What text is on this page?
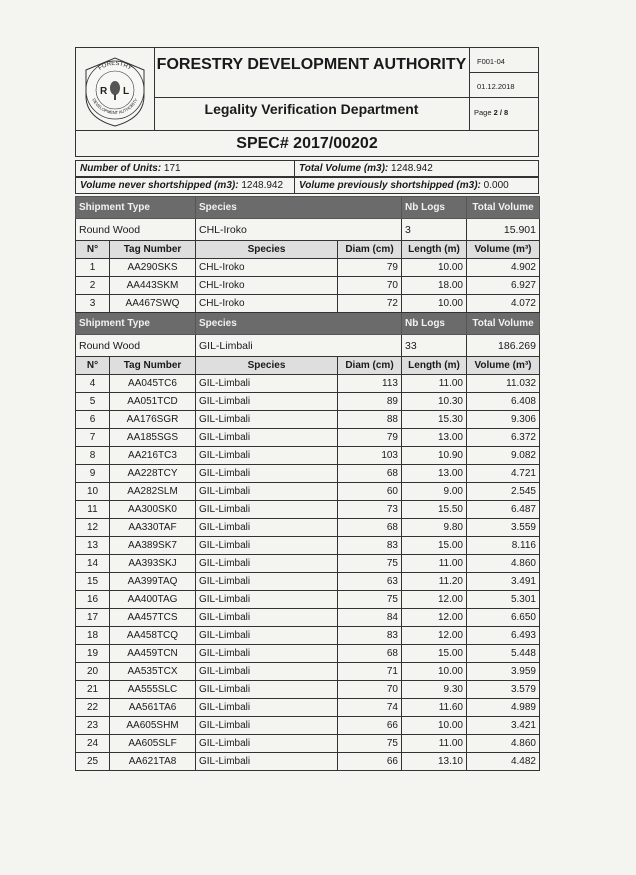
FORESTRY
DEVELOPMENT AUTHORITY
R L
FORESTRY DEVELOPMENT AUTHORITY
Legality Verification Department
F001-04
01.12.2018
Page 2 / 8
SPEC# 2017/00202
Number of Units: 171	Total Volume (m3): 1248.942
Volume never shortshipped (m3): 1248.942	Volume previously shortshipped (m3): 0.000
Shipment Type		Species		Nb Logs	Total Volume
Round Wood		CHL-Iroko		3	15.901
N°	Tag Number	Species	Diam (cm)	Length (m)	Volume (m³)
1	AA290SKS	CHL-Iroko	79	10.00	4.902
2	AA443SKM	CHL-Iroko	70	18.00	6.927
3	AA467SWQ	CHL-Iroko	72	10.00	4.072
Shipment Type		Species		Nb Logs	Total Volume
Round Wood		GIL-Limbali		33	186.269
N°	Tag Number	Species	Diam (cm)	Length (m)	Volume (m³)
4	AA045TC6	GIL-Limbali	113	11.00	11.032
5	AA051TCD	GIL-Limbali	89	10.30	6.408
6	AA176SGR	GIL-Limbali	88	15.30	9.306
7	AA185SGS	GIL-Limbali	79	13.00	6.372
8	AA216TC3	GIL-Limbali	103	10.90	9.082
9	AA228TCY	GIL-Limbali	68	13.00	4.721
10	AA282SLM	GIL-Limbali	60	9.00	2.545
11	AA300SK0	GIL-Limbali	73	15.50	6.487
12	AA330TAF	GIL-Limbali	68	9.80	3.559
13	AA389SK7	GIL-Limbali	83	15.00	8.116
14	AA393SKJ	GIL-Limbali	75	11.00	4.860
15	AA399TAQ	GIL-Limbali	63	11.20	3.491
16	AA400TAG	GIL-Limbali	75	12.00	5.301
17	AA457TCS	GIL-Limbali	84	12.00	6.650
18	AA458TCQ	GIL-Limbali	83	12.00	6.493
19	AA459TCN	GIL-Limbali	68	15.00	5.448
20	AA535TCX	GIL-Limbali	71	10.00	3.959
21	AA555SLC	GIL-Limbali	70	9.30	3.579
22	AA561TA6	GIL-Limbali	74	11.60	4.989
23	AA605SHM	GIL-Limbali	66	10.00	3.421
24	AA605SLF	GIL-Limbali	75	11.00	4.860
25	AA621TA8	GIL-Limbali	66	13.10	4.482
